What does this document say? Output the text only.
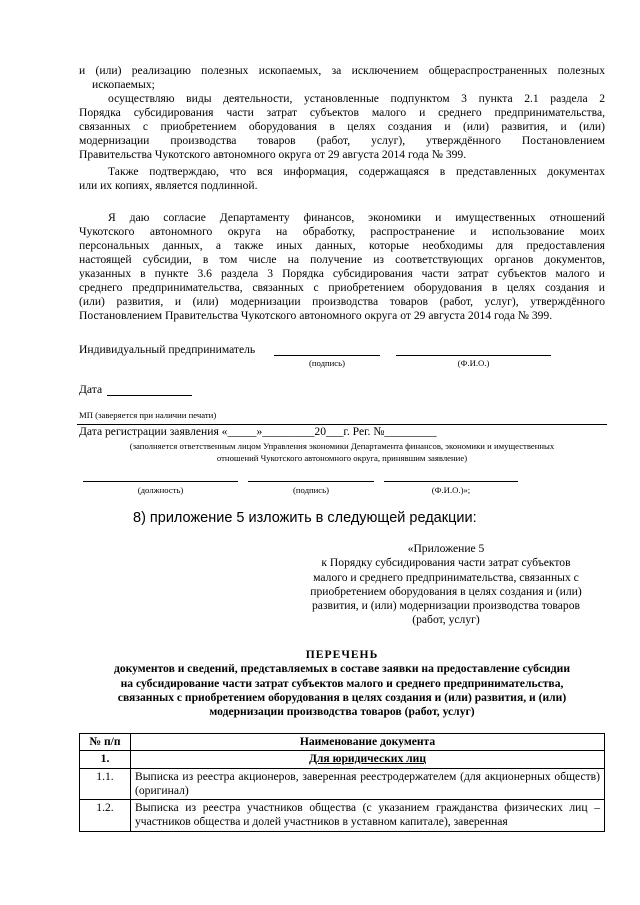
и (или) реализацию полезных ископаемых, за исключением общераспространенных полезных

ископаемых;

осуществляю виды деятельности, установленные подпунктом 3 пункта 2.1 раздела 2

Порядка субсидирования части затрат субъектов малого и среднего предпринимательства,

связанных с приобретением оборудования в целях создания и (или) развития, и (или)

модернизации производства товаров (работ, услуг), утверждённого Постановлением

Правительства Чукотского автономного округа от 29 августа 2014 года № 399.

Также подтверждаю, что вся информация, содержащаяся в представленных документах

или их копиях, является подлинной.

Я даю согласие Департаменту финансов, экономики и имущественных отношений

Чукотского автономного округа на обработку, распространение и использование моих

персональных данных, а также иных данных, которые необходимы для предоставления

настоящей субсидии, в том числе на получение из соответствующих органов документов,

указанных в пункте 3.6 раздела 3 Порядка субсидирования части затрат субъектов малого и

среднего предпринимательства, связанных с приобретением оборудования в целях создания и

(или) развития, и (или) модернизации производства товаров (работ, услуг), утверждённого

Постановлением Правительства Чукотского автономного округа от 29 августа 2014 года № 399.

Индивидуальный предприниматель

(подпись)	(Ф.И.О.)

Дата

МП (заверяется при наличии печати)

Дата регистрации заявления «_____»_________20___г. Рег. №_________

(заполняется ответственным лицом Управления экономики Департамента финансов, экономики и имущественных

отношений Чукотского автономного округа, принявшим заявление)

(должность)	(подпись)	(Ф.И.О.)»;
8) приложение 5 изложить в следующей редакции:
«Приложение 5
к Порядку субсидирования части затрат субъектов
малого и среднего предпринимательства, связанных с
приобретением оборудования в целях создания и (или)
развития, и (или) модернизации производства товаров
(работ, услуг)
ПЕРЕЧЕНЬ
документов и сведений, представляемых в составе заявки на предоставление субсидии
на субсидирование части затрат субъектов малого и среднего предпринимательства,
связанных с приобретением оборудования в целях создания и (или) развития, и (или)
модернизации производства товаров (работ, услуг)
№ п/п	Наименование документа
1.	Для юридических лиц
1.1.	Выписка из реестра акционеров, заверенная реестродержателем (для акционерных обществ) (оригинал)
1.2.	Выписка из реестра участников общества (с указанием гражданства физических лиц – участников общества и долей участников в уставном капитале), заверенная
